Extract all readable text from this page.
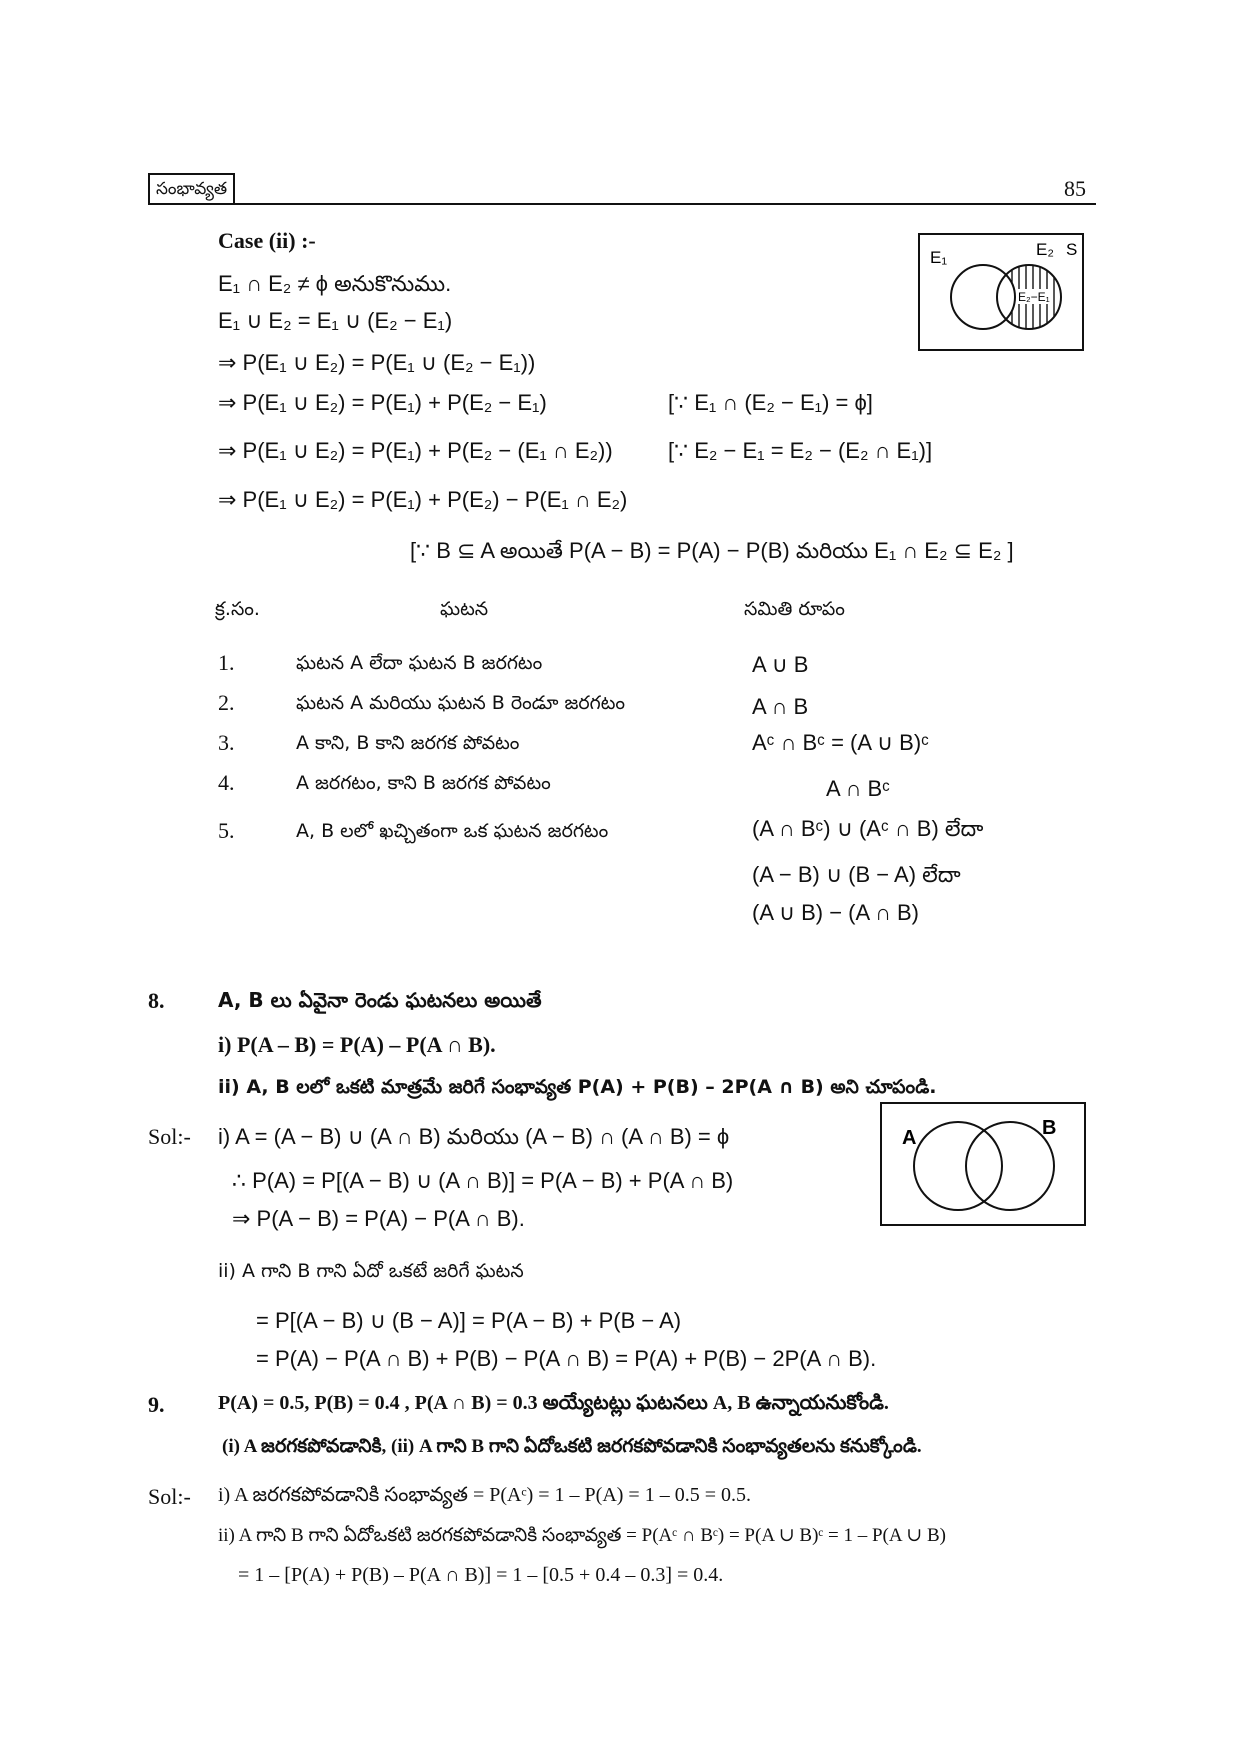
సంభావ్యత	85
Case (ii) :-
E₁ ∩ E₂ ≠ ϕ అనుకొనుము.
E₁ ∪ E₂ = E₁ ∪ (E₂ − E₁)
⇒ P(E₁ ∪ E₂) = P(E₁ ∪ (E₂ − E₁))
⇒ P(E₁ ∪ E₂) = P(E₁) + P(E₂ − E₁)	[∵ E₁ ∩ (E₂ − E₁) = ϕ]
⇒ P(E₁ ∪ E₂) = P(E₁) + P(E₂ − (E₁ ∩ E₂))	[∵ E₂ − E₁ = E₂ − (E₂ ∩ E₁)]
⇒ P(E₁ ∪ E₂) = P(E₁) + P(E₂) − P(E₁ ∩ E₂)
[∵ B ⊆ A అయితే P(A − B) = P(A) − P(B) మరియు E₁ ∩ E₂ ⊆ E₂ ]
E₁	E₂ S
E₂−E₁
క్ర.సం.	ఘటన	సమితి రూపం
1.	ఘటన A లేదా ఘటన B జరగటం	A ∪ B
2.	ఘటన A మరియు ఘటన B రెండూ జరగటం	A ∩ B
3.	A కాని, B కాని జరగక పోవటం	Aᶜ ∩ Bᶜ = (A ∪ B)ᶜ
4.	A జరగటం, కాని B జరగక పోవటం	A ∩ Bᶜ
5.	A, B లలో ఖచ్చితంగా ఒక ఘటన జరగటం	(A ∩ Bᶜ) ∪ (Aᶜ ∩ B) లేదా
(A − B) ∪ (B − A) లేదా
(A ∪ B) − (A ∩ B)
8.	A, B లు ఏవైనా రెండు ఘటనలు అయితే
i) P(A – B) = P(A) – P(A ∩ B).
ii) A, B లలో ఒకటి మాత్రమే జరిగే సంభావ్యత P(A) + P(B) – 2P(A ∩ B) అని చూపండి.
Sol:- i) A = (A − B) ∪ (A ∩ B) మరియు (A − B) ∩ (A ∩ B) = ϕ
∴ P(A) = P[(A − B) ∪ (A ∩ B)] = P(A − B) + P(A ∩ B)
⇒ P(A − B) = P(A) − P(A ∩ B).
ii) A గాని B గాని ఏదో ఒకటే జరిగే ఘటన
= P[(A − B) ∪ (B − A)] = P(A − B) + P(B − A)
= P(A) − P(A ∩ B) + P(B) − P(A ∩ B) = P(A) + P(B) − 2P(A ∩ B).
A	B
9.	P(A) = 0.5, P(B) = 0.4 , P(A ∩ B) = 0.3 అయ్యేటట్లు ఘటనలు A, B ఉన్నాయనుకోండి.
(i) A జరగకపోవడానికి, (ii) A గాని B గాని ఏదోఒకటి జరగకపోవడానికి సంభావ్యతలను కనుక్కోండి.
Sol:- i) A జరగకపోవడానికి సంభావ్యత = P(Aᶜ) = 1 – P(A) = 1 – 0.5 = 0.5.
ii) A గాని B గాని ఏదోఒకటి జరగకపోవడానికి సంభావ్యత = P(Aᶜ ∩ Bᶜ) = P(A ∪ B)ᶜ = 1 – P(A ∪ B)
= 1 – [P(A) + P(B) – P(A ∩ B)] = 1 – [0.5 + 0.4 – 0.3] = 0.4.
